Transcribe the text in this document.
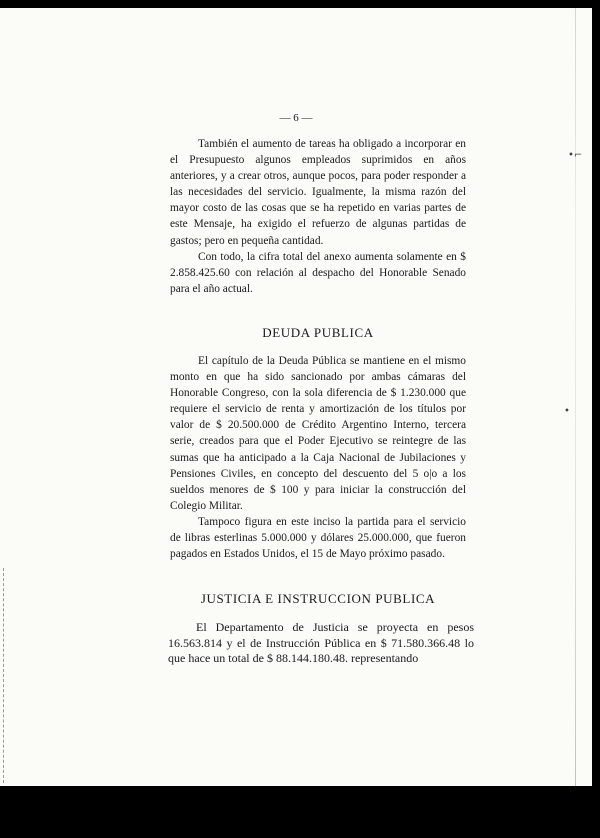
•⌐
•
— 6 —

También el aumento de tareas ha obligado a incorporar en el Presupuesto algunos empleados suprimidos en años anteriores, y a crear otros, aunque pocos, para poder responder a las necesidades del servicio. Igualmente, la misma razón del mayor costo de las cosas que se ha repetido en varias partes de este Mensaje, ha exigido el refuerzo de algunas partidas de gastos; pero en pequeña cantidad.

Con todo, la cifra total del anexo aumenta solamente en $ 2.858.425.60 con relación al despacho del Honorable Senado para el año actual.

DEUDA PUBLICA

El capítulo de la Deuda Pública se mantiene en el mismo monto en que ha sido sancionado por ambas cámaras del Honorable Congreso, con la sola diferencia de $ 1.230.000 que requiere el servicio de renta y amortización de los títulos por valor de $ 20.500.000 de Crédito Argentino Interno, tercera serie, creados para que el Poder Ejecutivo se reintegre de las sumas que ha anticipado a la Caja Nacional de Jubilaciones y Pensiones Civiles, en concepto del descuento del 5 o|o a los sueldos menores de $ 100 y para iniciar la construcción del Colegio Militar.

Tampoco figura en este inciso la partida para el servicio de libras esterlinas 5.000.000 y dólares 25.000.000, que fueron pagados en Estados Unidos, el 15 de Mayo próximo pasado.

JUSTICIA E INSTRUCCION PUBLICA

El Departamento de Justicia se proyecta en pesos 16.563.814 y el de Instrucción Pública en $ 71.580.366.48 lo que hace un total de $ 88.144.180.48. representando
